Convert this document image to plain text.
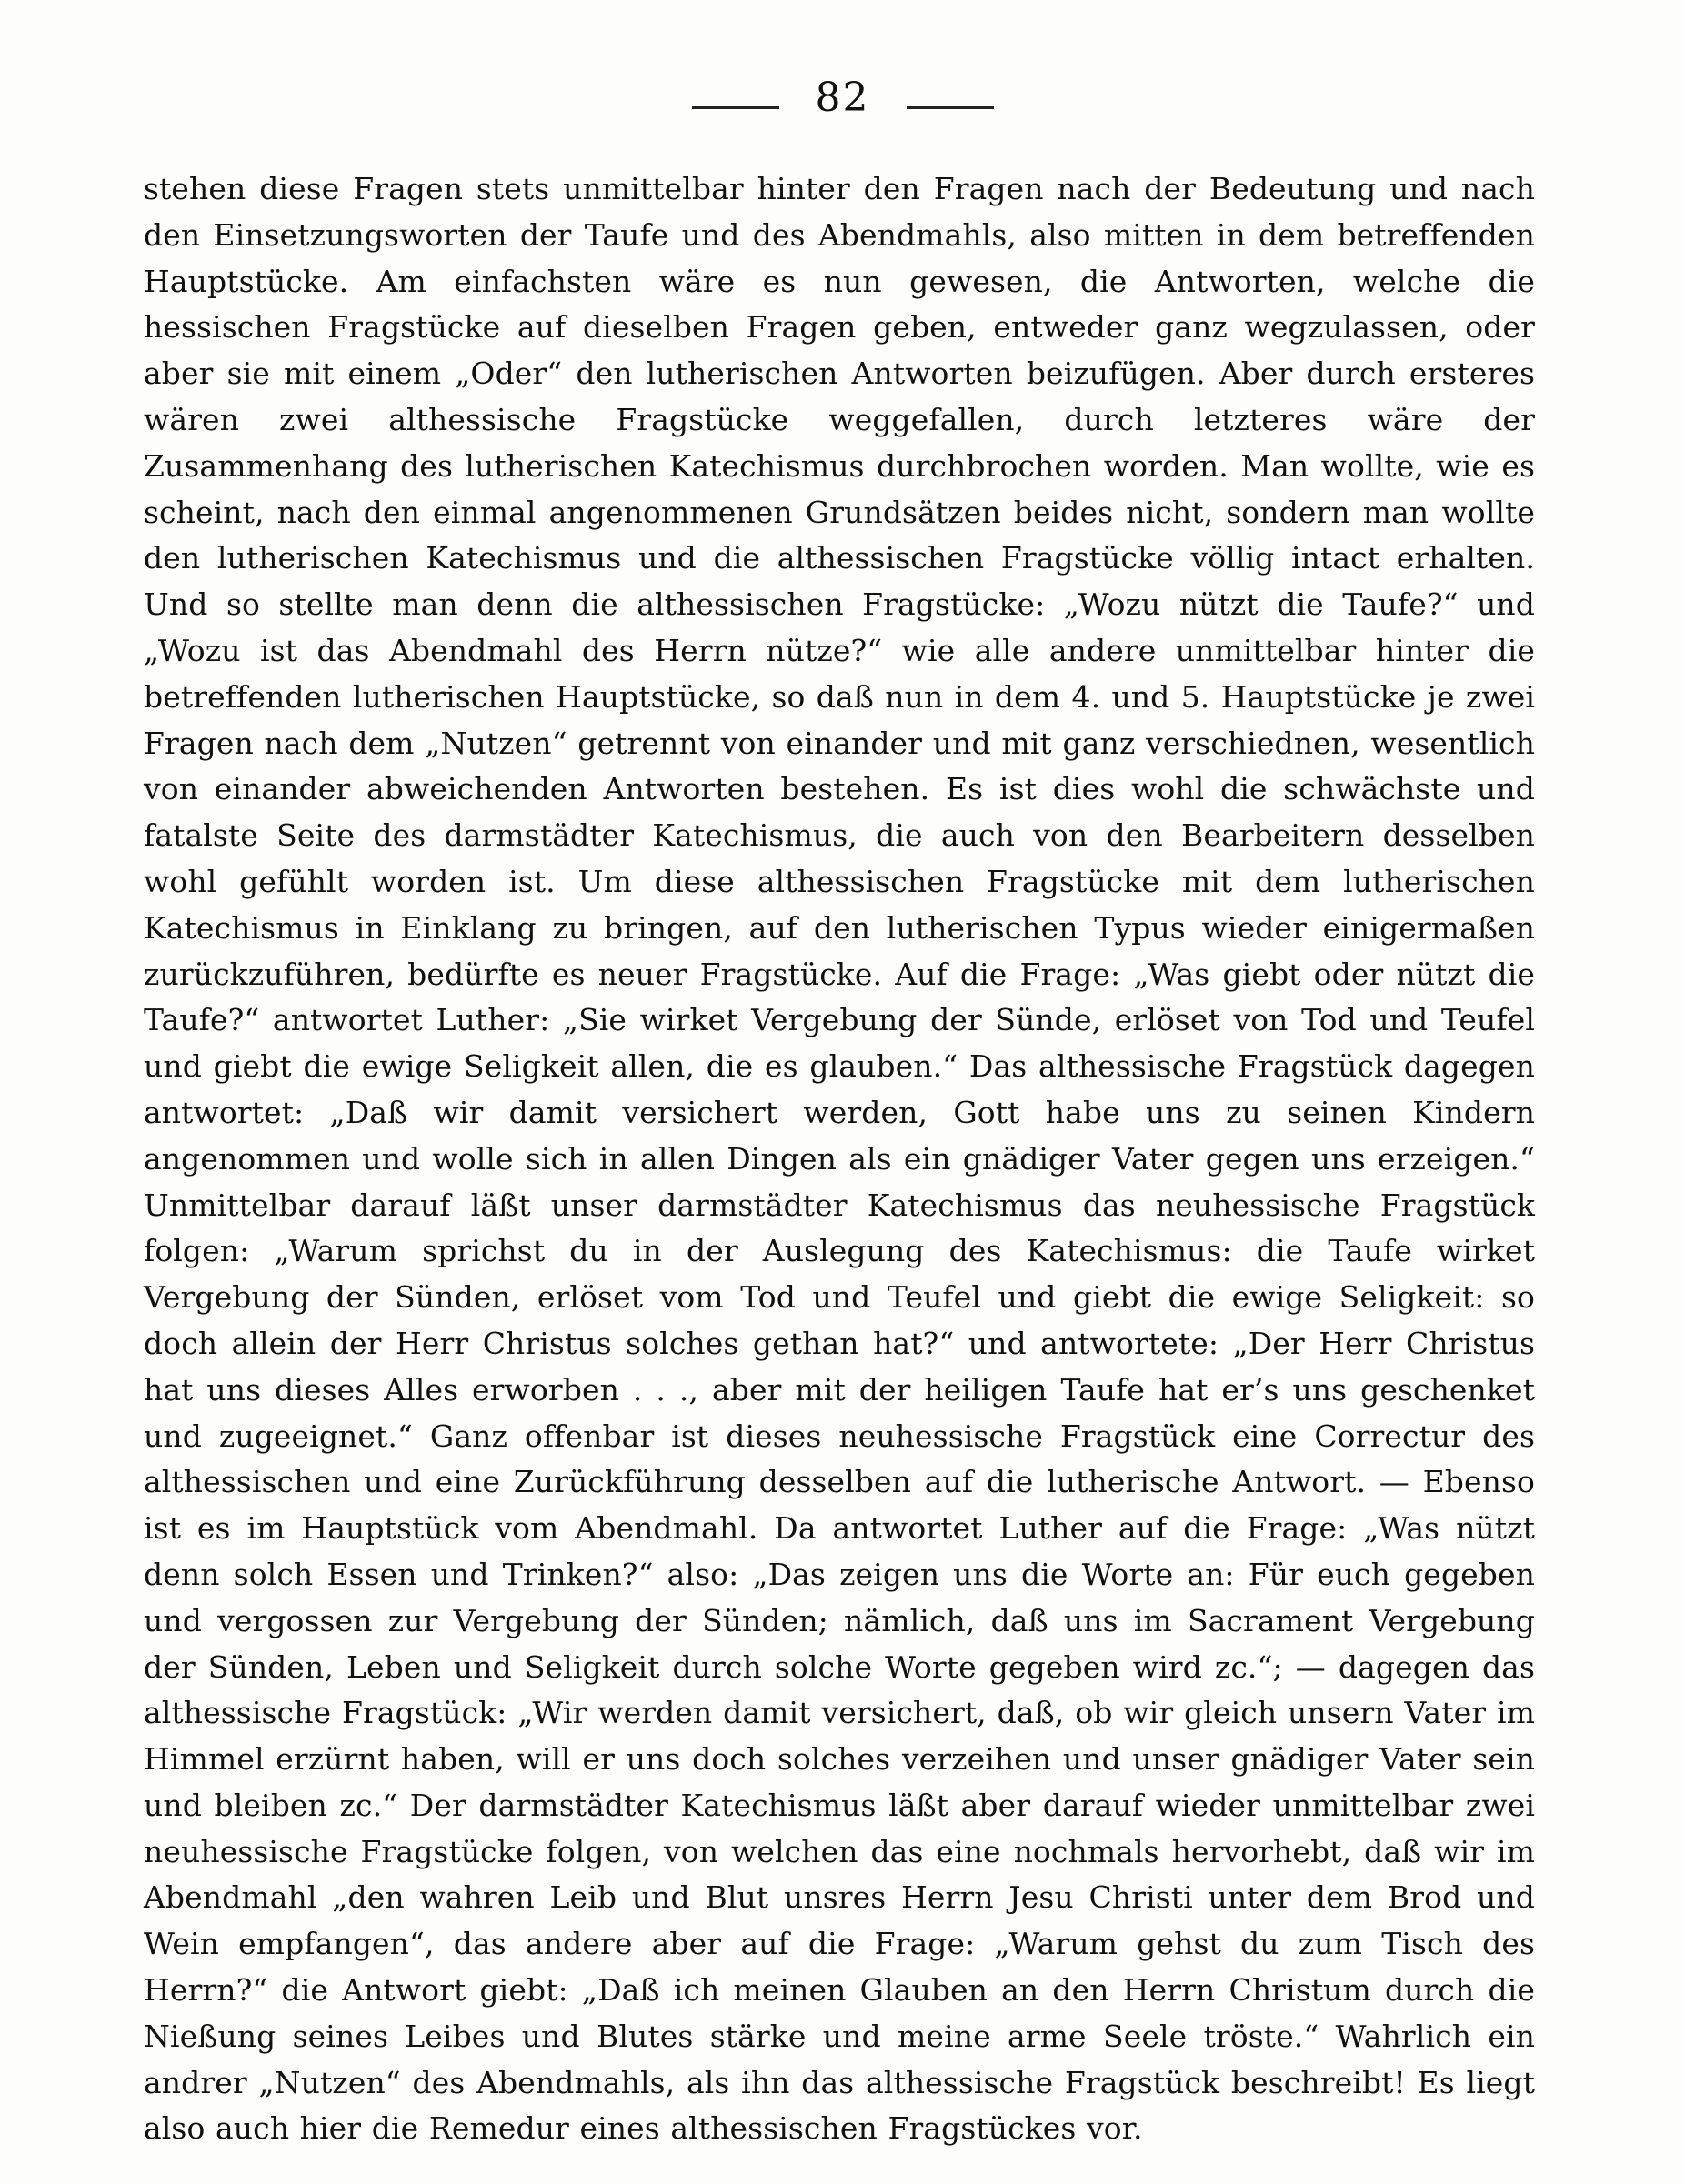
82

stehen diese Fragen stets unmittelbar hinter den Fragen nach der Bedeutung und nach den Einsetzungsworten der Taufe und des Abendmahls, also mitten in dem betreffenden Hauptstücke. Am einfachsten wäre es nun gewesen, die Antworten, welche die hessischen Fragstücke auf dieselben Fragen geben, entweder ganz wegzulassen, oder aber sie mit einem „Oder“ den lutherischen Antworten beizufügen. Aber durch ersteres wären zwei althessische Fragstücke weggefallen, durch letzteres wäre der Zusammenhang des lutherischen Katechismus durchbrochen worden. Man wollte, wie es scheint, nach den einmal angenommenen Grundsätzen beides nicht, sondern man wollte den lutherischen Katechismus und die althessischen Fragstücke völlig intact erhalten. Und so stellte man denn die althessischen Fragstücke: „Wozu nützt die Taufe?“ und „Wozu ist das Abendmahl des Herrn nütze?“ wie alle andere unmittelbar hinter die betreffenden lutherischen Hauptstücke, so daß nun in dem 4. und 5. Hauptstücke je zwei Fragen nach dem „Nutzen“ getrennt von einander und mit ganz verschiednen, wesentlich von einander abweichenden Antworten bestehen. Es ist dies wohl die schwächste und fatalste Seite des darmstädter Katechismus, die auch von den Bearbeitern desselben wohl gefühlt worden ist. Um diese althessischen Fragstücke mit dem lutherischen Katechismus in Einklang zu bringen, auf den lutherischen Typus wieder einigermaßen zurückzuführen, bedürfte es neuer Fragstücke. Auf die Frage: „Was giebt oder nützt die Taufe?“ antwortet Luther: „Sie wirket Vergebung der Sünde, erlöset von Tod und Teufel und giebt die ewige Seligkeit allen, die es glauben.“ Das althessische Fragstück dagegen antwortet: „Daß wir damit versichert werden, Gott habe uns zu seinen Kindern angenommen und wolle sich in allen Dingen als ein gnädiger Vater gegen uns erzeigen.“ Unmittelbar darauf läßt unser darmstädter Katechismus das neuhessische Fragstück folgen: „Warum sprichst du in der Auslegung des Katechismus: die Taufe wirket Vergebung der Sünden, erlöset vom Tod und Teufel und giebt die ewige Seligkeit: so doch allein der Herr Christus solches gethan hat?“ und antwortete: „Der Herr Christus hat uns dieses Alles erworben . . ., aber mit der heiligen Taufe hat er’s uns geschenket und zugeeignet.“ Ganz offenbar ist dieses neuhessische Fragstück eine Correctur des althessischen und eine Zurückführung desselben auf die lutherische Antwort. — Ebenso ist es im Hauptstück vom Abendmahl. Da antwortet Luther auf die Frage: „Was nützt denn solch Essen und Trinken?“ also: „Das zeigen uns die Worte an: Für euch gegeben und vergossen zur Vergebung der Sünden; nämlich, daß uns im Sacrament Vergebung der Sünden, Leben und Seligkeit durch solche Worte gegeben wird zc.“; — dagegen das althessische Fragstück: „Wir werden damit versichert, daß, ob wir gleich unsern Vater im Himmel erzürnt haben, will er uns doch solches verzeihen und unser gnädiger Vater sein und bleiben zc.“ Der darmstädter Katechismus läßt aber darauf wieder unmittelbar zwei neuhessische Fragstücke folgen, von welchen das eine nochmals hervorhebt, daß wir im Abendmahl „den wahren Leib und Blut unsres Herrn Jesu Christi unter dem Brod und Wein empfangen“, das andere aber auf die Frage: „Warum gehst du zum Tisch des Herrn?“ die Antwort giebt: „Daß ich meinen Glauben an den Herrn Christum durch die Nießung seines Leibes und Blutes stärke und meine arme Seele tröste.“ Wahrlich ein andrer „Nutzen“ des Abendmahls, als ihn das althessische Fragstück beschreibt! Es liegt also auch hier die Remedur eines althessischen Fragstückes vor.
